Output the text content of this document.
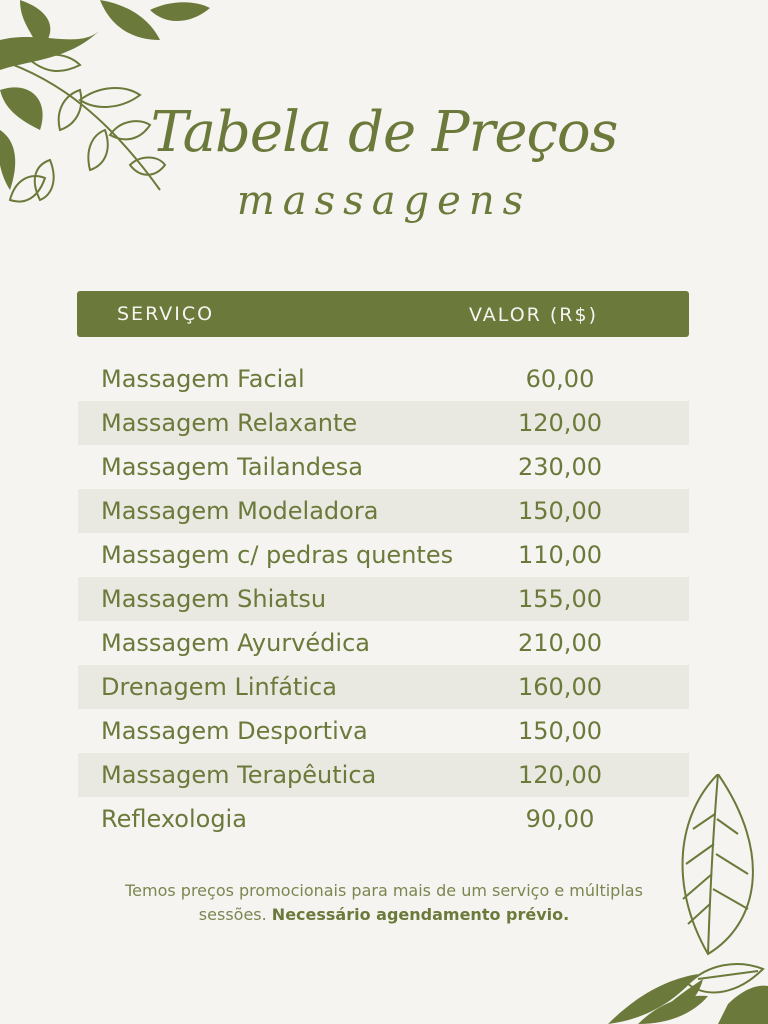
Tabela de Preços
massagens
SERVIÇO	VALOR (R$)
Massagem Facial	60,00
Massagem Relaxante	120,00
Massagem Tailandesa	230,00
Massagem Modeladora	150,00
Massagem c/ pedras quentes	110,00
Massagem Shiatsu	155,00
Massagem Ayurvédica	210,00
Drenagem Linfática	160,00
Massagem Desportiva	150,00
Massagem Terapêutica	120,00
Reflexologia	90,00
Temos preços promocionais para mais de um serviço e múltiplas sessões. Necessário agendamento prévio.
